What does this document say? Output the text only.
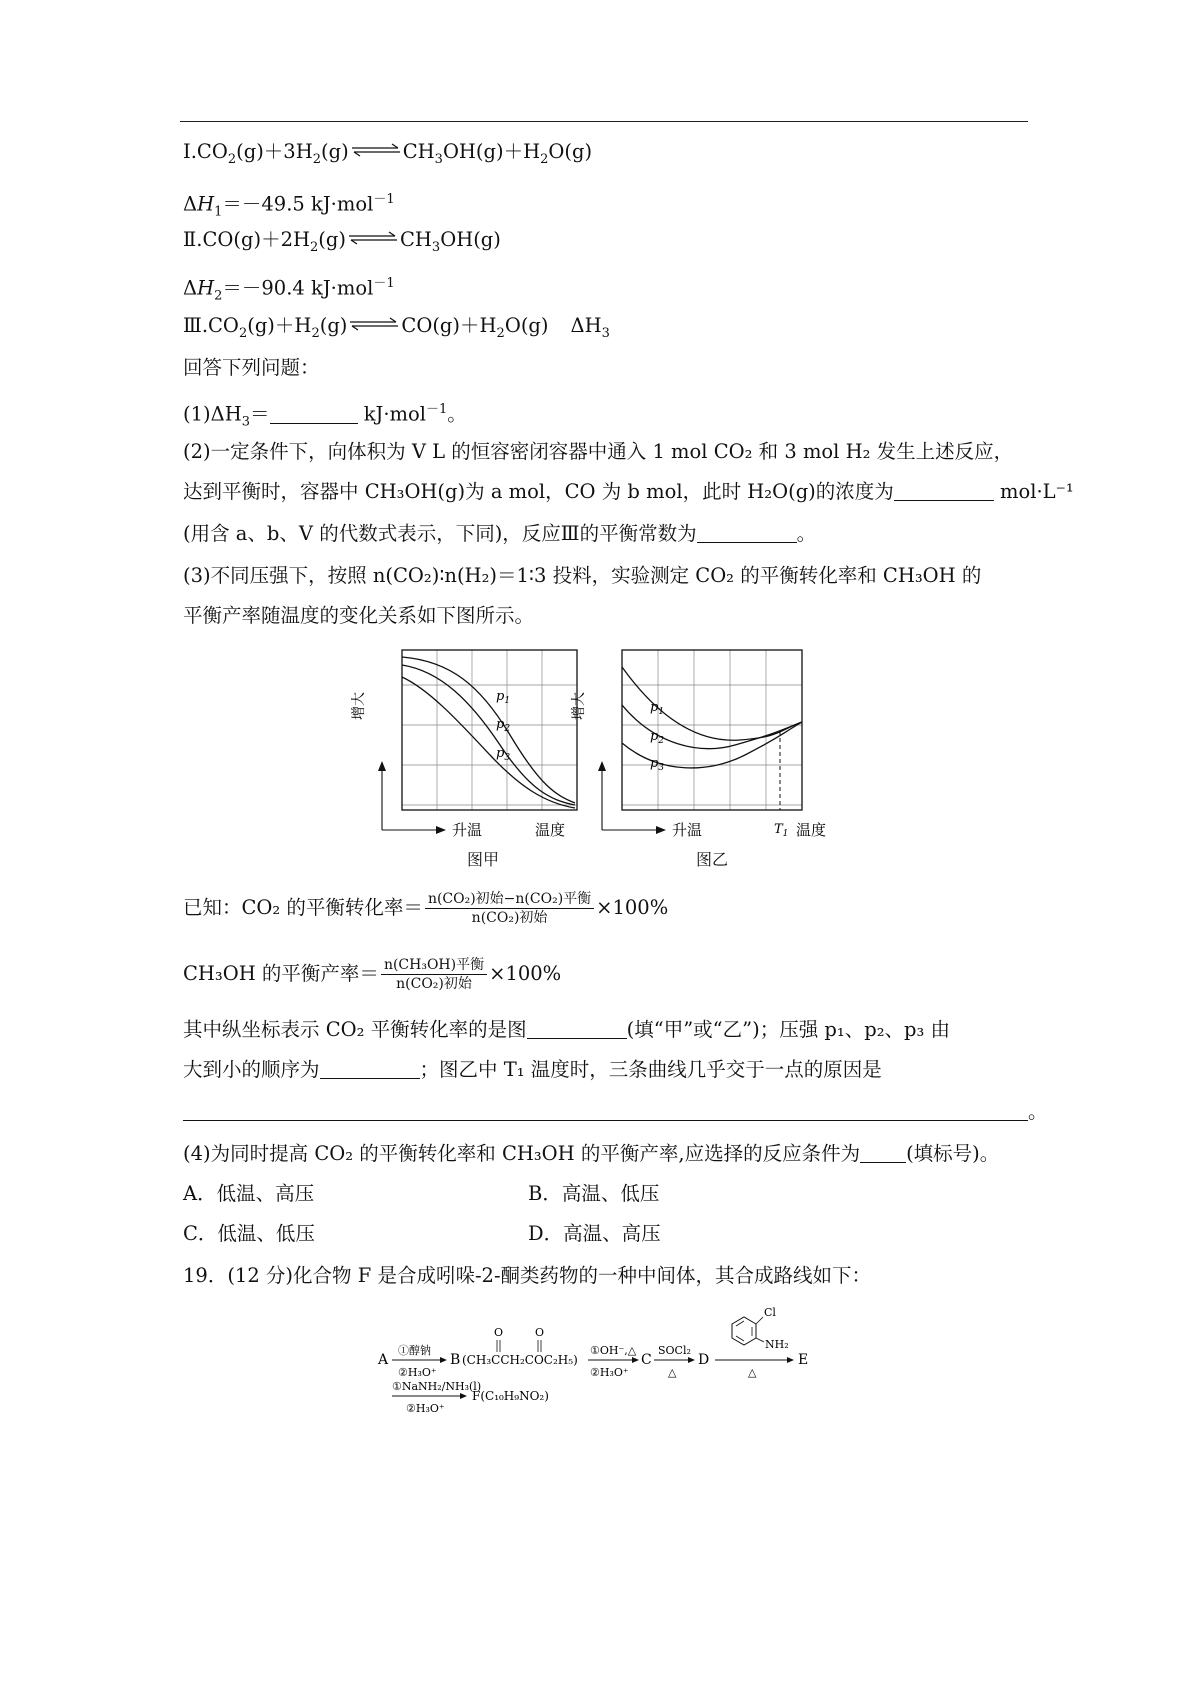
$Ⅰ.CO_2(g)+3H_2(g)\rightleftharpoons CH_3OH(g)+H_2O(g)$
$\Delta H_1=-49.5$ kJ·mol$^{-1}$
$Ⅱ.CO(g)+2H_2(g)\rightleftharpoons CH_3OH(g)$
$\Delta H_2=-90.4$ kJ·mol$^{-1}$
$Ⅲ.CO_2(g)+H_2(g)\rightleftharpoons CO(g)+H_2O(g)$ $\Delta H_3$
回答下列问题：
$(1)\Delta H_3=$	kJ·mol$^{-1}$。
(2)一定条件下，向体积为 V L 的恒容密闭容器中通入 1 mol CO₂ 和 3 mol H₂ 发生上述反应，
达到平衡时，容器中 CH₃OH(g)为 a mol，CO 为 b mol，此时 H₂O(g)的浓度为	mol·L⁻¹
(用含 a、b、V 的代数式表示，下同)，反应Ⅲ的平衡常数为	。
(3)不同压强下，按照 n(CO₂)∶n(H₂)＝1∶3 投料，实验测定 CO₂ 的平衡转化率和 CH₃OH 的
平衡产率随温度的变化关系如下图所示。
$p_1$
$p_2$
$p_3$
增大
升温	温度
图甲
$p_1$
$p_2$
$p_3$
增大
升温	$T_1$ 温度
图乙
已知：CO₂ 的平衡转化率＝ $\frac{\text{n(CO₂)初始−n(CO₂)平衡}}{\text{n(CO₂)初始}} \times 100\%$
CH₃OH 的平衡产率＝ $\frac{\text{n(CH₃OH)平衡}}{\text{n(CO₂)初始}} \times 100\%$
其中纵坐标表示 CO₂ 平衡转化率的是图	(填“甲”或“乙”)；压强 p₁、p₂、p₃ 由
大到小的顺序为	；图乙中 T₁ 温度时，三条曲线几乎交于一点的原因是
。
(4)为同时提高 CO₂ 的平衡转化率和 CH₃OH 的平衡产率,应选择的反应条件为 (填标号)。
A．低温、高压	B．高温、低压
C．低温、低压	D．高温、高压
19．(12 分)化合物 F 是合成吲哚-2-酮类药物的一种中间体，其合成路线如下：
A
①醇钠
②H₃O⁺
B (CH₃CCH₂COC₂H₅)
O	O
①OH⁻,△
②H₃O⁺
C
SOCl₂
△
D
Cl
NH₂
△
E
①NaNH₂/NH₃(l)
②H₃O⁺
F(C₁₀H₉NO₂)
